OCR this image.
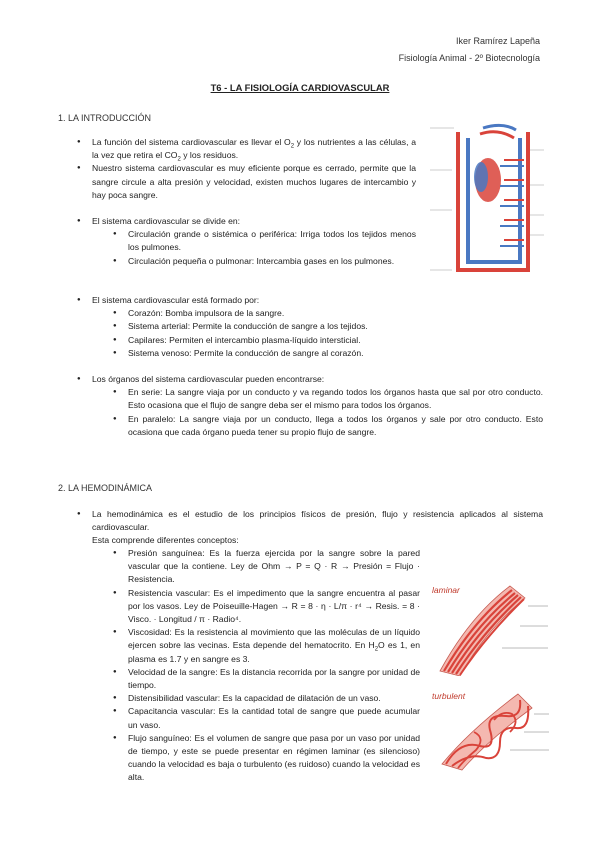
Iker Ramírez Lapeña
Fisiología Animal - 2º Biotecnología
T6 - LA FISIOLOGÍA CARDIOVASCULAR
1. LA INTRODUCCIÓN
● La función del sistema cardiovascular es llevar el $O_2$ y los nutrientes a las células, a la vez que retira el $CO_2$ y los residuos.
● Nuestro sistema cardiovascular es muy eficiente porque es cerrado, permite que la sangre circule a alta presión y velocidad, existen muchos lugares de intercambio y hay poca sangre.
● El sistema cardiovascular se divide en:
● Circulación grande o sistémica o periférica: Irriga todos los tejidos menos los pulmones.
● Circulación pequeña o pulmonar: Intercambia gases en los pulmones.
● El sistema cardiovascular está formado por:
● Corazón: Bomba impulsora de la sangre.
● Sistema arterial: Permite la conducción de sangre a los tejidos.
● Capilares: Permiten el intercambio plasma-líquido intersticial.
● Sistema venoso: Permite la conducción de sangre al corazón.
● Los órganos del sistema cardiovascular pueden encontrarse:
● En serie: La sangre viaja por un conducto y va regando todos los órganos hasta que sal por otro conducto. Esto ocasiona que el flujo de sangre deba ser el mismo para todos los órganos.
● En paralelo: La sangre viaja por un conducto, llega a todos los órganos y sale por otro conducto. Esto ocasiona que cada órgano pueda tener su propio flujo de sangre.
2. LA HEMODINÁMICA
● La hemodinámica es el estudio de los principios físicos de presión, flujo y resistencia aplicados al sistema cardiovascular.
Esta comprende diferentes conceptos:
● Presión sanguínea: Es la fuerza ejercida por la sangre sobre la pared vascular que la contiene. Ley de Ohm → P = Q · R → Presión = Flujo · Resistencia.
● Resistencia vascular: Es el impedimento que la sangre encuentra al pasar por los vasos. Ley de Poiseuille-Hagen → R = 8 · η · L/π · r⁴ → Resis. = 8 · Visco. · Longitud / π · Radio⁴.
● Viscosidad: Es la resistencia al movimiento que las moléculas de un líquido ejercen sobre las vecinas. Esta depende del hematocrito. En $H_2O$ es 1, en plasma es 1.7 y en sangre es 3.
● Velocidad de la sangre: Es la distancia recorrida por la sangre por unidad de tiempo.
● Distensibilidad vascular: Es la capacidad de dilatación de un vaso.
● Capacitancia vascular: Es la cantidad total de sangre que puede acumular un vaso.
● Flujo sanguíneo: Es el volumen de sangre que pasa por un vaso por unidad de tiempo, y este se puede presentar en régimen laminar (es silencioso) cuando la velocidad es baja o turbulento (es ruidoso) cuando la velocidad es alta.
laminar
turbulent
